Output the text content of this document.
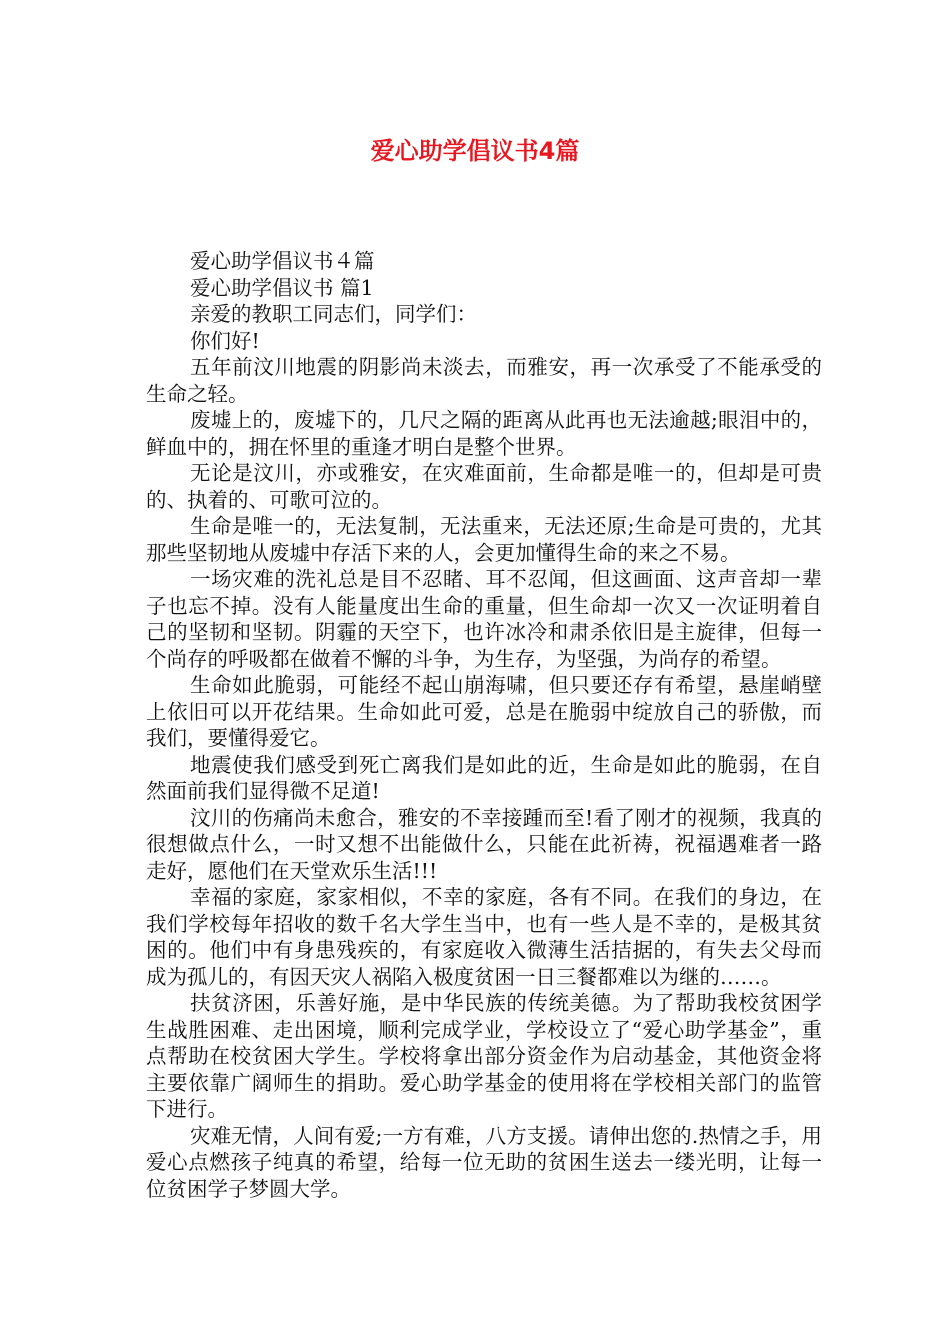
爱心助学倡议书4篇

爱心助学倡议书４篇

爱心助学倡议书 篇1

亲爱的教职工同志们，同学们：

你们好!

五年前汶川地震的阴影尚未淡去，而雅安，再一次承受了不能承受的生命之轻。

废墟上的，废墟下的，几尺之隔的距离从此再也无法逾越;眼泪中的，鲜血中的，拥在怀里的重逢才明白是整个世界。

无论是汶川，亦或雅安，在灾难面前，生命都是唯一的，但却是可贵的、执着的、可歌可泣的。

生命是唯一的，无法复制，无法重来，无法还原;生命是可贵的，尤其那些坚韧地从废墟中存活下来的人，会更加懂得生命的来之不易。

一场灾难的洗礼总是目不忍睹、耳不忍闻，但这画面、这声音却一辈子也忘不掉。没有人能量度出生命的重量，但生命却一次又一次证明着自己的坚韧和坚韧。阴霾的天空下，也许冰冷和肃杀依旧是主旋律，但每一个尚存的呼吸都在做着不懈的斗争，为生存，为坚强，为尚存的希望。

生命如此脆弱，可能经不起山崩海啸，但只要还存有希望，悬崖峭壁上依旧可以开花结果。生命如此可爱，总是在脆弱中绽放自己的骄傲，而我们，要懂得爱它。

地震使我们感受到死亡离我们是如此的近，生命是如此的脆弱，在自然面前我们显得微不足道!

汶川的伤痛尚未愈合，雅安的不幸接踵而至!看了刚才的视频，我真的很想做点什么，一时又想不出能做什么，只能在此祈祷，祝福遇难者一路走好，愿他们在天堂欢乐生活!!!

幸福的家庭，家家相似，不幸的家庭，各有不同。在我们的身边，在我们学校每年招收的数千名大学生当中，也有一些人是不幸的，是极其贫困的。他们中有身患残疾的，有家庭收入微薄生活拮据的，有失去父母而成为孤儿的，有因天灾人祸陷入极度贫困一日三餐都难以为继的……。

扶贫济困，乐善好施，是中华民族的传统美德。为了帮助我校贫困学生战胜困难、走出困境，顺利完成学业，学校设立了“爱心助学基金”，重点帮助在校贫困大学生。学校将拿出部分资金作为启动基金，其他资金将主要依靠广阔师生的捐助。爱心助学基金的使用将在学校相关部门的监管下进行。

灾难无情，人间有爱;一方有难，八方支援。请伸出您的.热情之手，用爱心点燃孩子纯真的希望，给每一位无助的贫困生送去一缕光明，让每一位贫困学子梦圆大学。
